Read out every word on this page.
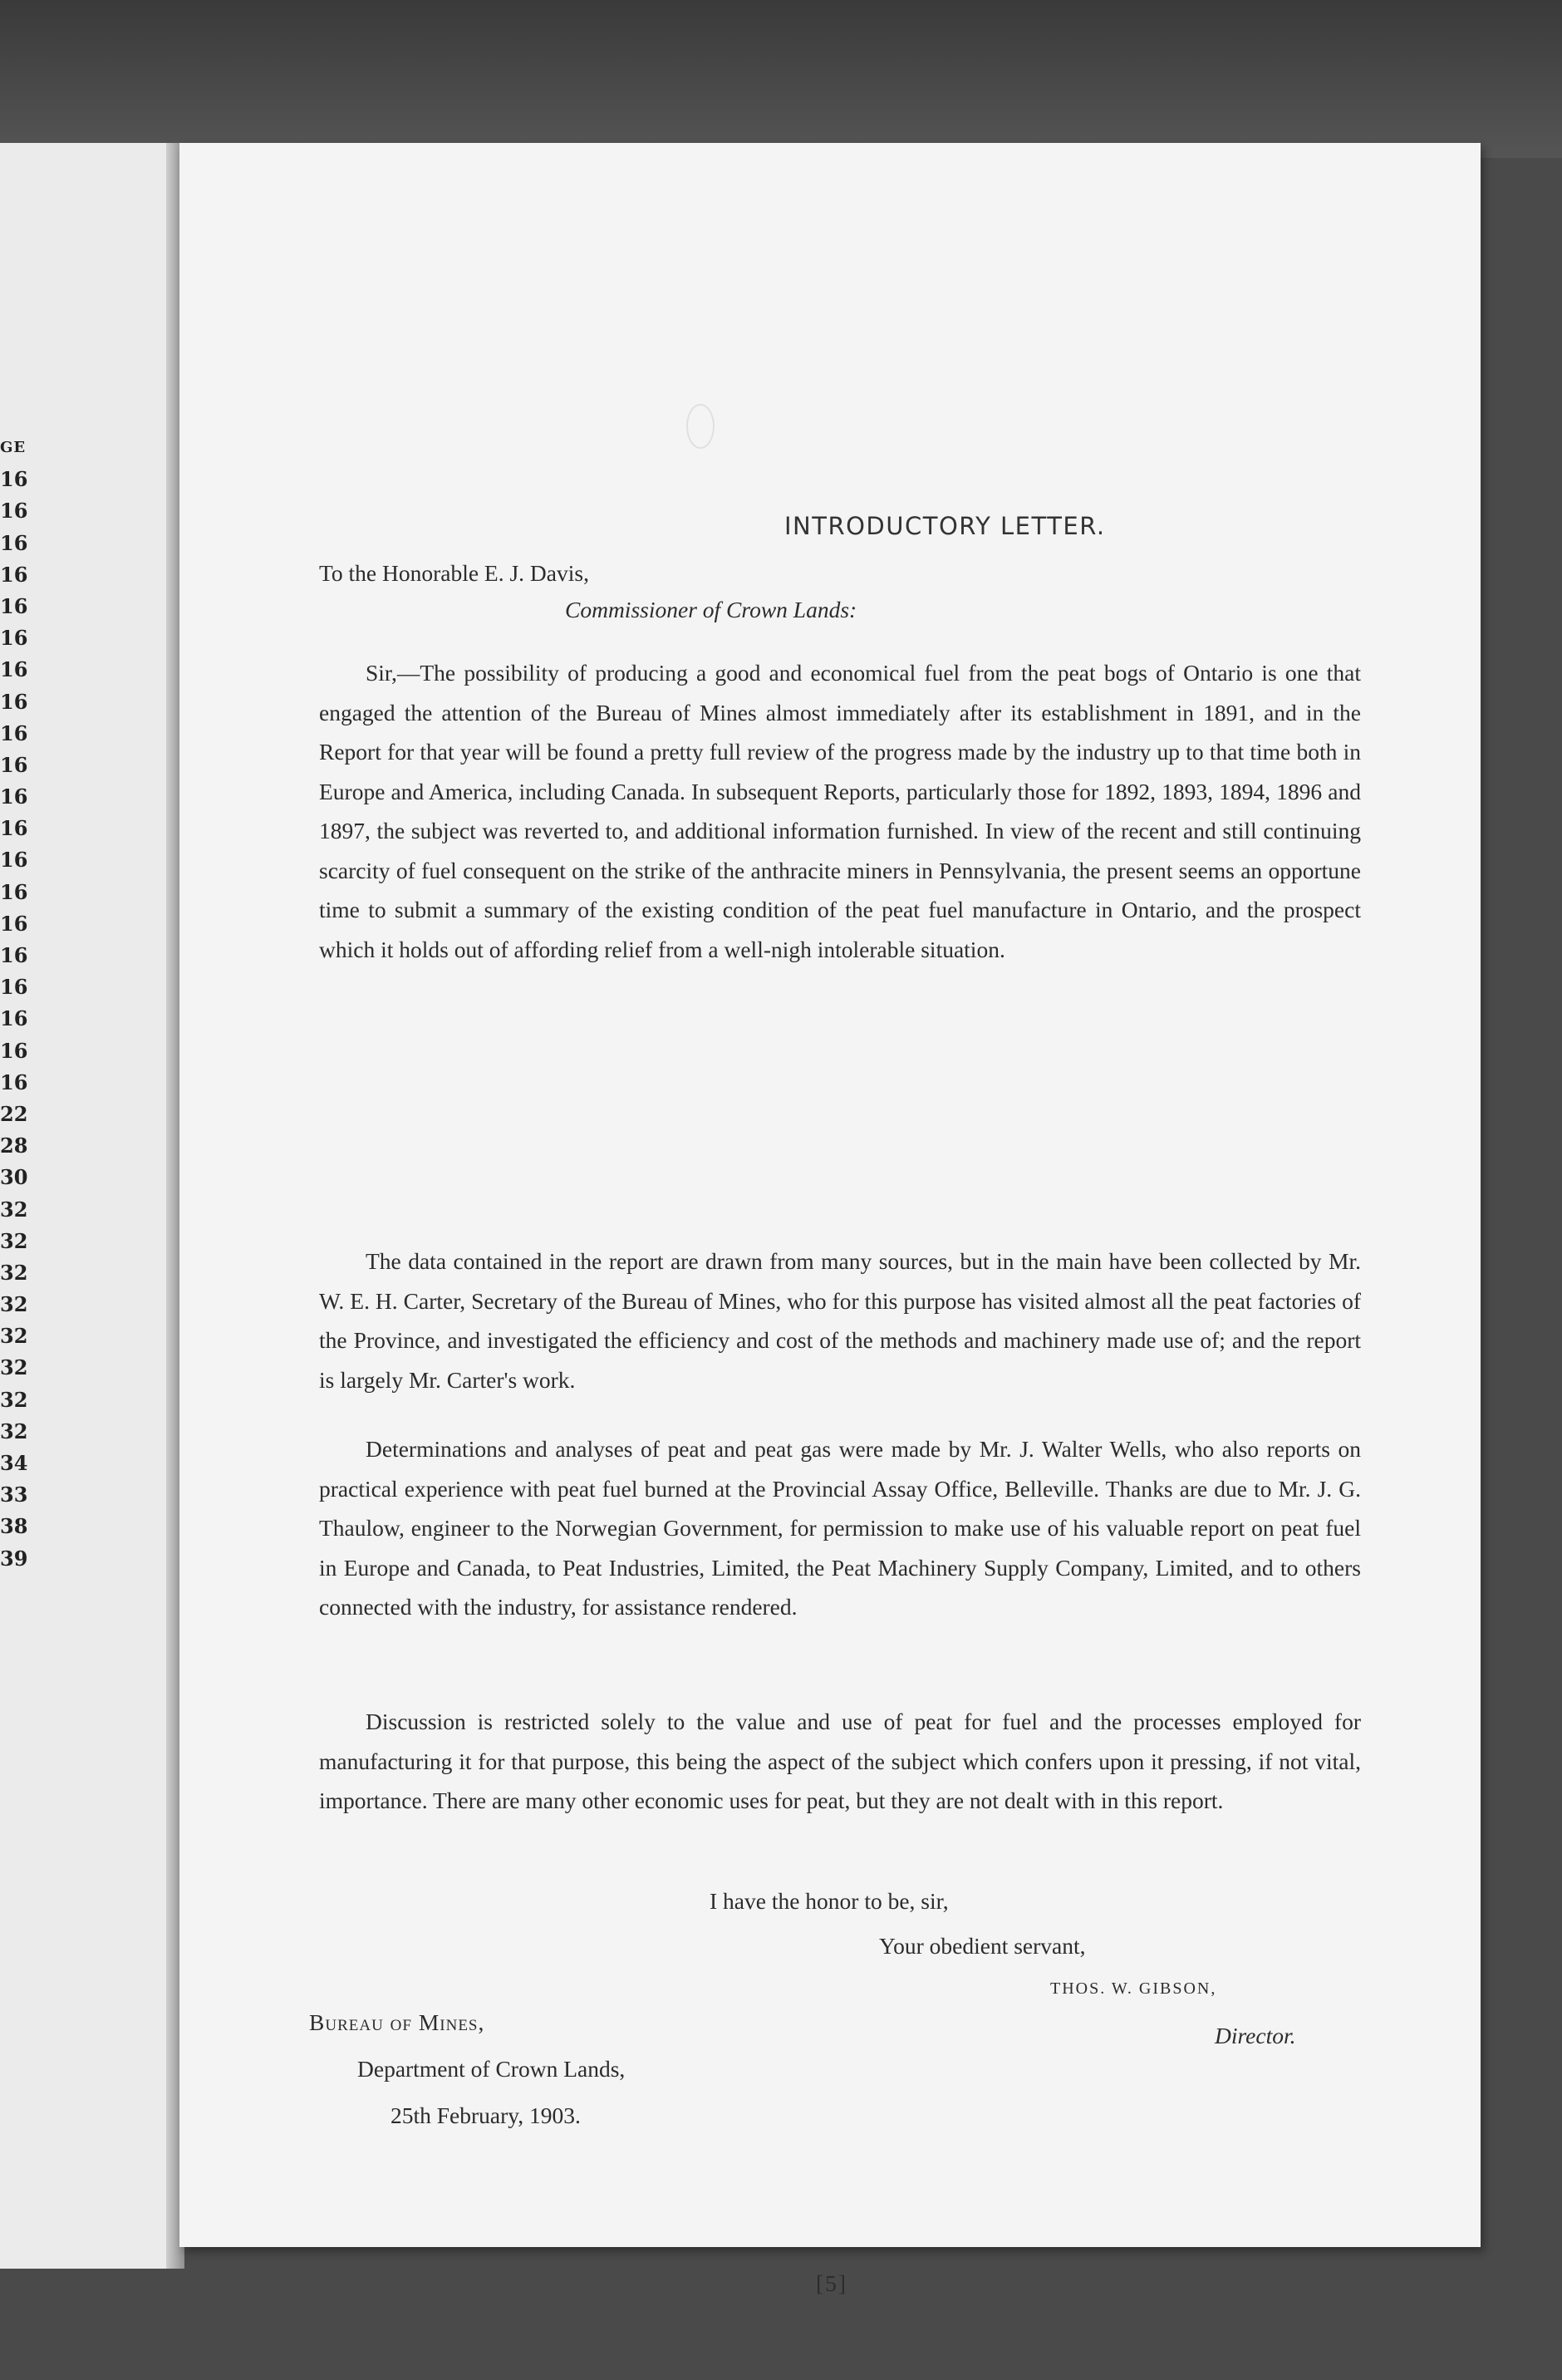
GE
16
16
16
16
16
16
16
16
16
16
16
16
16
16
16
16
16
16
16
16
22
28
30
32
32
32
32
32
32
32
32
34
33
38
39
INTRODUCTORY LETTER.
To the Honorable E. J. Davis,
Commissioner of Crown Lands:

Sir,—The possibility of producing a good and economical fuel from the peat bogs of Ontario is one that engaged the attention of the Bureau of Mines almost immediately after its establishment in 1891, and in the Report for that year will be found a pretty full review of the progress made by the industry up to that time both in Europe and America, including Canada. In subsequent Reports, particularly those for 1892, 1893, 1894, 1896 and 1897, the subject was reverted to, and additional information furnished. In view of the recent and still continuing scarcity of fuel consequent on the strike of the anthracite miners in Pennsylvania, the present seems an opportune time to submit a summary of the existing condition of the peat fuel manufacture in Ontario, and the prospect which it holds out of affording relief from a well-nigh intolerable situation.

The data contained in the report are drawn from many sources, but in the main have been collected by Mr. W. E. H. Carter, Secretary of the Bureau of Mines, who for this purpose has visited almost all the peat factories of the Province, and investigated the efficiency and cost of the methods and machinery made use of; and the report is largely Mr. Carter's work.

Determinations and analyses of peat and peat gas were made by Mr. J. Walter Wells, who also reports on practical experience with peat fuel burned at the Provincial Assay Office, Belleville. Thanks are due to Mr. J. G. Thaulow, engineer to the Norwegian Government, for permission to make use of his valuable report on peat fuel in Europe and Canada, to Peat Industries, Limited, the Peat Machinery Supply Company, Limited, and to others connected with the industry, for assistance rendered.

Discussion is restricted solely to the value and use of peat for fuel and the processes employed for manufacturing it for that purpose, this being the aspect of the subject which confers upon it pressing, if not vital, importance. There are many other economic uses for peat, but they are not dealt with in this report.

I have the honor to be, sir,
Your obedient servant,
THOS. W. GIBSON,
Director.
Bureau of Mines,
Department of Crown Lands,
25th February, 1903.
[5]
